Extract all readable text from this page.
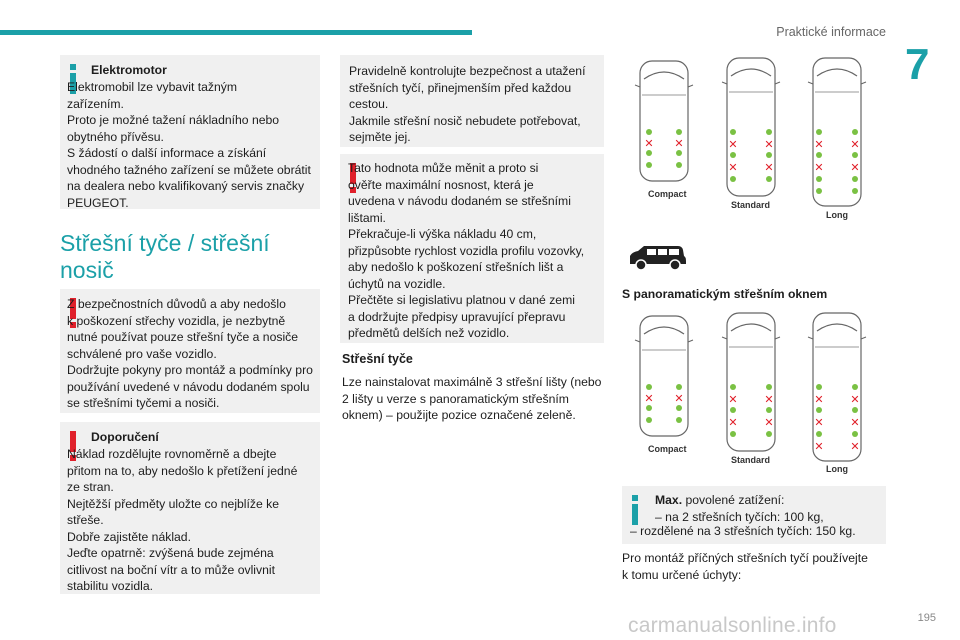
Praktické informace
7
Elektromotor
Elektromobil lze vybavit tažným
zařízením.
Proto je možné tažení nákladního nebo
obytného přívěsu.
S žádostí o další informace a získání
vhodného tažného zařízení se můžete obrátit
na dealera nebo kvalifikovaný servis značky
PEUGEOT.
Střešní tyče / střešní nosič
Z bezpečnostních důvodů a aby nedošlo
k poškození střechy vozidla, je nezbytně
nutné používat pouze střešní tyče a nosiče
schválené pro vaše vozidlo.
Dodržujte pokyny pro montáž a podmínky pro
používání uvedené v návodu dodaném spolu
se střešními tyčemi a nosiči.
Doporučení
Náklad rozdělujte rovnoměrně a dbejte
přitom na to, aby nedošlo k přetížení jedné
ze stran.
Nejtěžší předměty uložte co nejblíže ke
střeše.
Dobře zajistěte náklad.
Jeďte opatrně: zvýšená bude zejména
citlivost na boční vítr a to může ovlivnit
stabilitu vozidla.
Pravidelně kontrolujte bezpečnost a utažení
střešních tyčí, přinejmenším před každou
cestou.
Jakmile střešní nosič nebudete potřebovat,
sejměte jej.
Tato hodnota může měnit a proto si
ověřte maximální nosnost, která je
uvedena v návodu dodaném se střešními
lištami.
Překračuje-li výška nákladu 40 cm,
přizpůsobte rychlost vozidla profilu vozovky,
aby nedošlo k poškození střešních lišt a
úchytů na vozidle.
Přečtěte si legislativu platnou v dané zemi
a dodržujte předpisy upravující přepravu
předmětů delších než vozidlo.
Střešní tyče
Lze nainstalovat maximálně 3 střešní lišty (nebo
2 lišty u verze s panoramatickým střešním
oknem) – použijte pozice označené zeleně.
✕ ✕
Compact
✕ ✕
✕ ✕
Standard
✕ ✕
✕ ✕
Long
S panoramatickým střešním oknem
✕ ✕
Compact
✕ ✕
✕ ✕
Standard
✕ ✕
✕ ✕
✕ ✕
Long
Max. povolené zatížení:
– na 2 střešních tyčích: 100 kg,
– rozdělené na 3 střešních tyčích: 150 kg.
Pro montáž příčných střešních tyčí používejte
k tomu určené úchyty:
carmanualsonline.info	195
